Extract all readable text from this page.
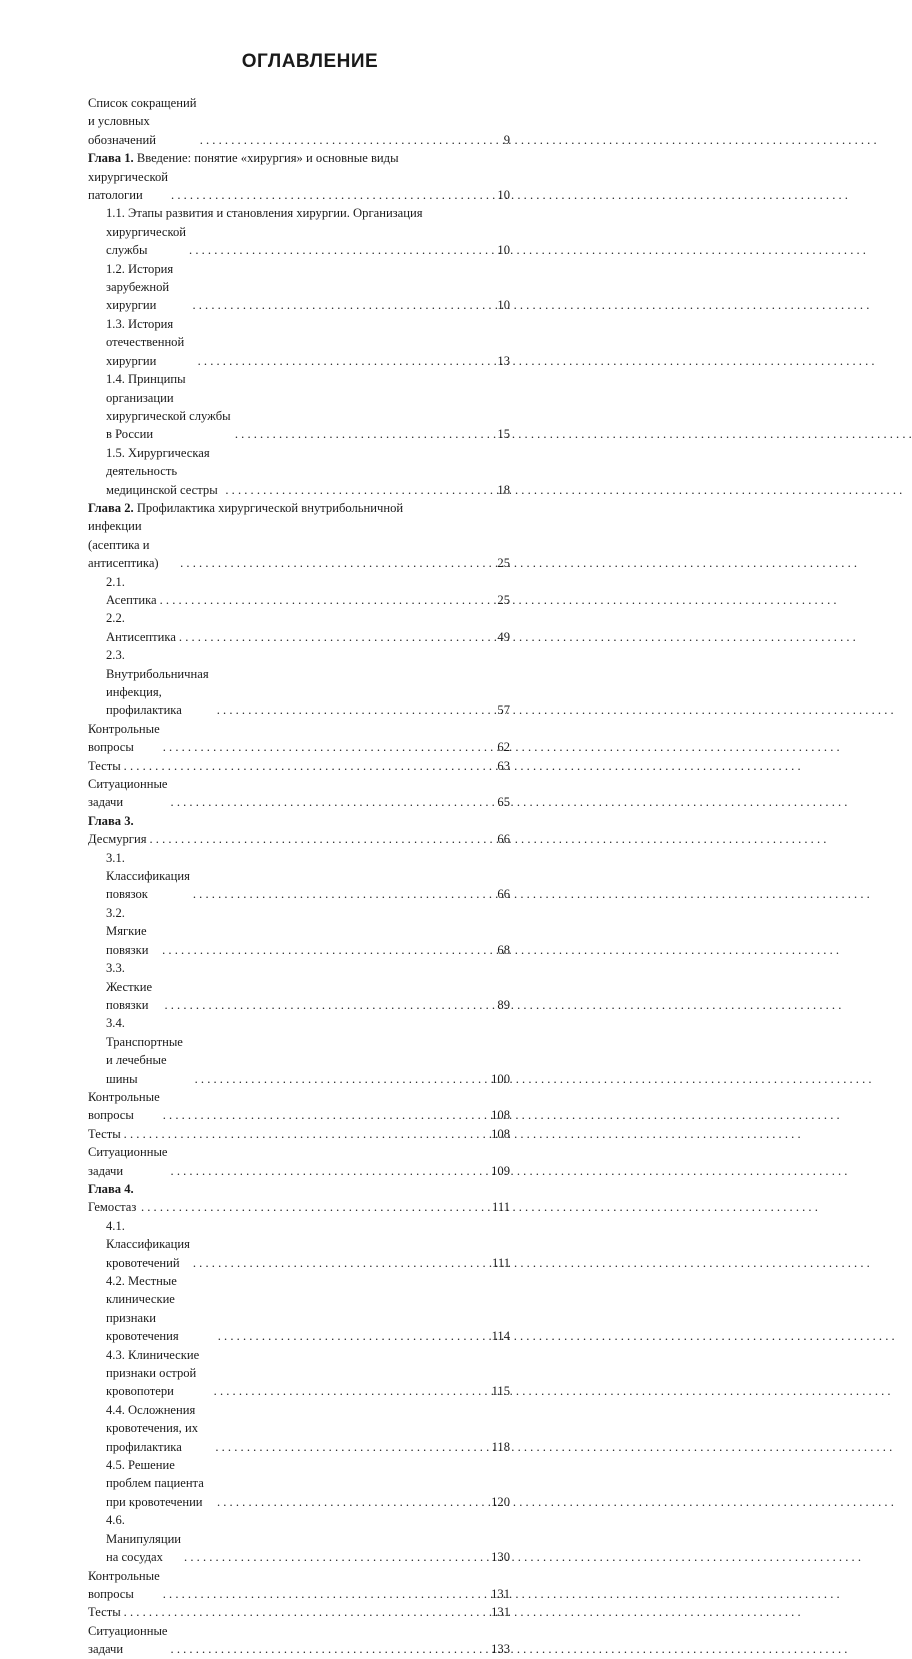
ОГЛАВЛЕНИЕ
Список сокращений и условных обозначений . . .	9
Глава 1. Введение: понятие «хирургия» и основные виды
хирургической патологии . . .	10
1.1. Этапы развития и становления хирургии. Организация
хирургической службы . . .	10
1.2. История зарубежной хирургии . . .	10
1.3. История отечественной хирургии . . .	13
1.4. Принципы организации хирургической службы в России . . .	15
1.5. Хирургическая деятельность медицинской сестры . . .	18
Глава 2. Профилактика хирургической внутрибольничной
инфекции (асептика и антисептика) . . .	25
2.1. Асептика . . .	25
2.2. Антисептика . . .	49
2.3. Внутрибольничная инфекция, профилактика . . .	57
Контрольные вопросы . . .	62
Тесты . . .	63
Ситуационные задачи . . .	65
Глава 3. Десмургия . . .	66
3.1. Классификация повязок . . .	66
3.2. Мягкие повязки . . .	68
3.3. Жесткие повязки . . .	89
3.4. Транспортные и лечебные шины . . .	100
Контрольные вопросы . . .	108
Тесты . . .	108
Ситуационные задачи . . .	109
Глава 4. Гемостаз . . .	111
4.1. Классификация кровотечений . . .	111
4.2. Местные клинические признаки кровотечения . . .	114
4.3. Клинические признаки острой кровопотери . . .	115
4.4. Осложнения кровотечения, их профилактика . . .	118
4.5. Решение проблем пациента при кровотечении . . .	120
4.6. Манипуляции на сосудах . . .	130
Контрольные вопросы . . .	131
Тесты . . .	131
Ситуационные задачи . . .	133
